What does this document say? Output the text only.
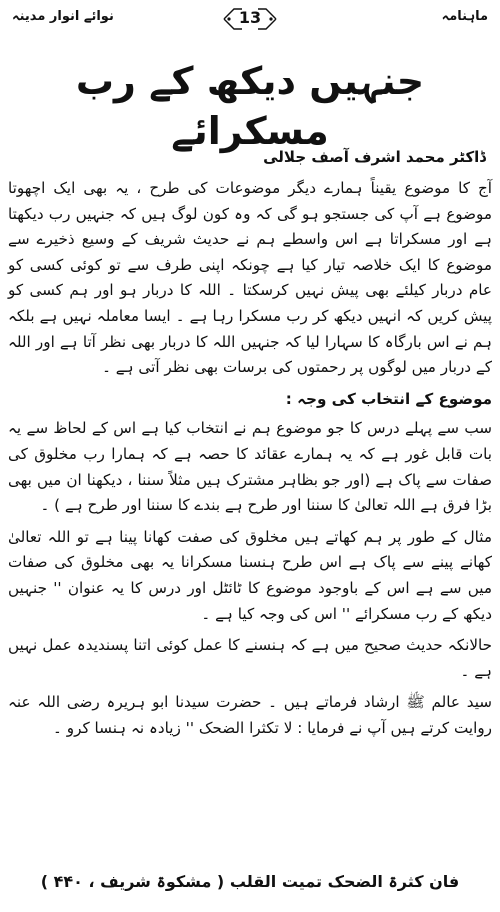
ماہنامہ
13
نوائے انوار مدینہ
جنہیں دیکھ کے رب مسکرائے
ڈاکٹر محمد اشرف آصف جلالی

آج کا موضوع یقیناً ہمارے دیگر موضوعات کی طرح ، یہ بھی ایک اچھوتا موضوع ہے آپ کی جستجو ہو گی کہ وہ کون لوگ ہیں کہ جنہیں رب دیکھتا ہے اور مسکراتا ہے اس واسطے ہم نے حدیث شریف کے وسیع ذخیرے سے موضوع کا ایک خلاصہ تیار کیا ہے چونکہ اپنی طرف سے تو کوئی کسی کو عام دربار کیلئے بھی پیش نہیں کرسکتا ۔ اللہ کا دربار ہو اور ہم کسی کو پیش کریں کہ انہیں دیکھ کر رب مسکرا رہا ہے ۔ ایسا معاملہ نہیں ہے بلکہ ہم نے اس بارگاہ کا سہارا لیا کہ جنہیں اللہ کا دربار بھی نظر آتا ہے اور اللہ کے دربار میں لوگوں پر رحمتوں کی برسات بھی نظر آتی ہے ۔

موضوع کے انتخاب کی وجہ :

سب سے پہلے درس کا جو موضوع ہم نے انتخاب کیا ہے اس کے لحاظ سے یہ بات قابل غور ہے کہ یہ ہمارے عقائد کا حصہ ہے کہ ہمارا رب مخلوق کی صفات سے پاک ہے (اور جو بظاہر مشترک ہیں مثلاً سننا ، دیکھنا ان میں بھی بڑا فرق ہے اللہ تعالیٰ کا سننا اور طرح ہے بندے کا سننا اور طرح ہے ) ۔

مثال کے طور پر ہم کھاتے ہیں مخلوق کی صفت کھانا پینا ہے تو اللہ تعالیٰ کھانے پینے سے پاک ہے اس طرح ہنسنا مسکرانا یہ بھی مخلوق کی صفات میں سے ہے اس کے باوجود موضوع کا ٹائٹل اور درس کا یہ عنوان '' جنہیں دیکھ کے رب مسکرائے '' اس کی وجہ کیا ہے ۔

حالانکہ حدیث صحیح میں ہے کہ ہنسنے کا عمل کوئی اتنا پسندیدہ عمل نہیں ہے ۔

سید عالم ﷺ ارشاد فرماتے ہیں ۔ حضرت سیدنا ابو ہریرہ رضی اللہ عنہ روایت کرتے ہیں آپ نے فرمایا : لا تکثرا الضحک '' زیادہ نہ ہنسا کرو ۔

فان کثرۃ الضحک تمیت القلب ( مشکوۃ شریف ، ۴۴۰ )
